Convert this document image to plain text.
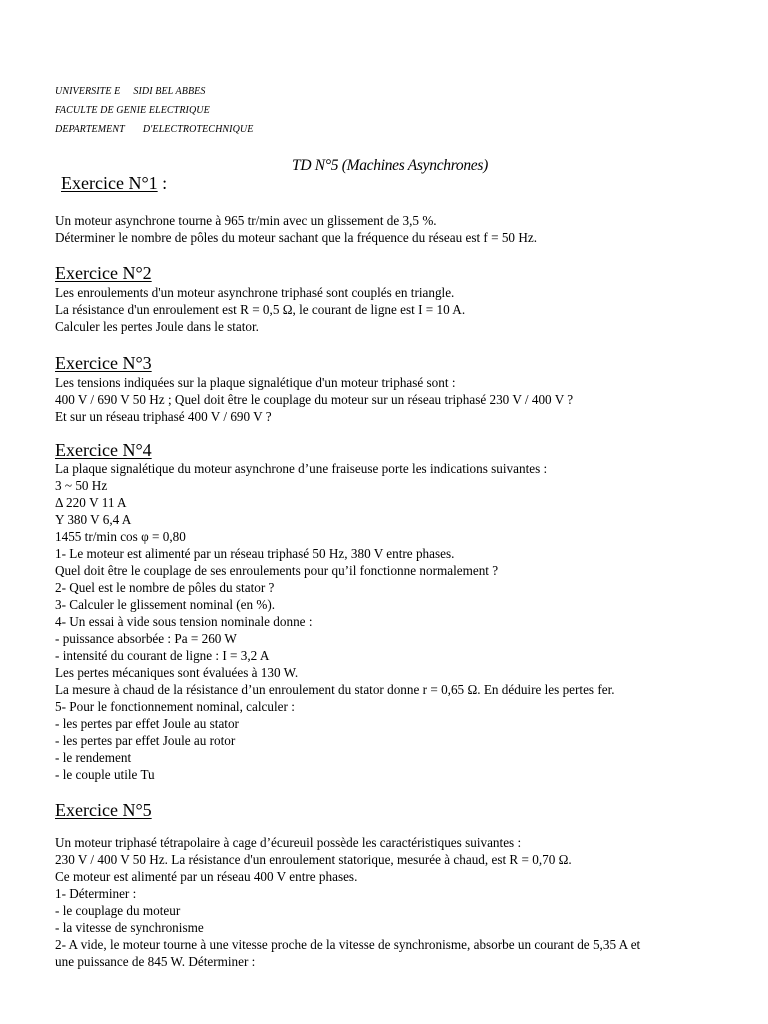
UNIVERSITE E     SIDI BEL ABBES
FACULTE DE GENIE ELECTRIQUE
DEPARTEMENT       D'ELECTROTECHNIQUE
TD N°5 (Machines Asynchrones)
Exercice N°1 :
Un moteur asynchrone tourne à 965 tr/min avec un glissement de 3,5 %.
Déterminer le nombre de pôles du moteur sachant que la fréquence du réseau est f = 50 Hz.
Exercice N°2
Les enroulements d'un moteur asynchrone triphasé sont couplés en triangle.
La résistance d'un enroulement est R = 0,5 Ω, le courant de ligne est I = 10 A.
Calculer les pertes Joule dans le stator.
Exercice N°3
Les tensions indiquées sur la plaque signalétique d'un moteur triphasé sont :
400 V / 690 V 50 Hz ; Quel doit être le couplage du moteur sur un réseau triphasé 230 V / 400 V ?
Et sur un réseau triphasé 400 V / 690 V ?
Exercice N°4
La plaque signalétique du moteur asynchrone d’une fraiseuse porte les indications suivantes :
3 ~ 50 Hz
Δ 220 V 11 A
Y 380 V 6,4 A
1455 tr/min cos φ = 0,80
1- Le moteur est alimenté par un réseau triphasé 50 Hz, 380 V entre phases.
Quel doit être le couplage de ses enroulements pour qu’il fonctionne normalement ?
2- Quel est le nombre de pôles du stator ?
3- Calculer le glissement nominal (en %).
4- Un essai à vide sous tension nominale donne :
- puissance absorbée : Pa = 260 W
- intensité du courant de ligne : I = 3,2 A
Les pertes mécaniques sont évaluées à 130 W.
La mesure à chaud de la résistance d’un enroulement du stator donne r = 0,65 Ω. En déduire les pertes fer.
5- Pour le fonctionnement nominal, calculer :
- les pertes par effet Joule au stator
- les pertes par effet Joule au rotor
- le rendement
- le couple utile Tu
Exercice N°5
Un moteur triphasé tétrapolaire à cage d’écureuil possède les caractéristiques suivantes :
230 V / 400 V 50 Hz. La résistance d'un enroulement statorique, mesurée à chaud, est R = 0,70 Ω.
Ce moteur est alimenté par un réseau 400 V entre phases.
1- Déterminer :
- le couplage du moteur
- la vitesse de synchronisme
2- A vide, le moteur tourne à une vitesse proche de la vitesse de synchronisme, absorbe un courant de 5,35 A et
une puissance de 845 W. Déterminer :
